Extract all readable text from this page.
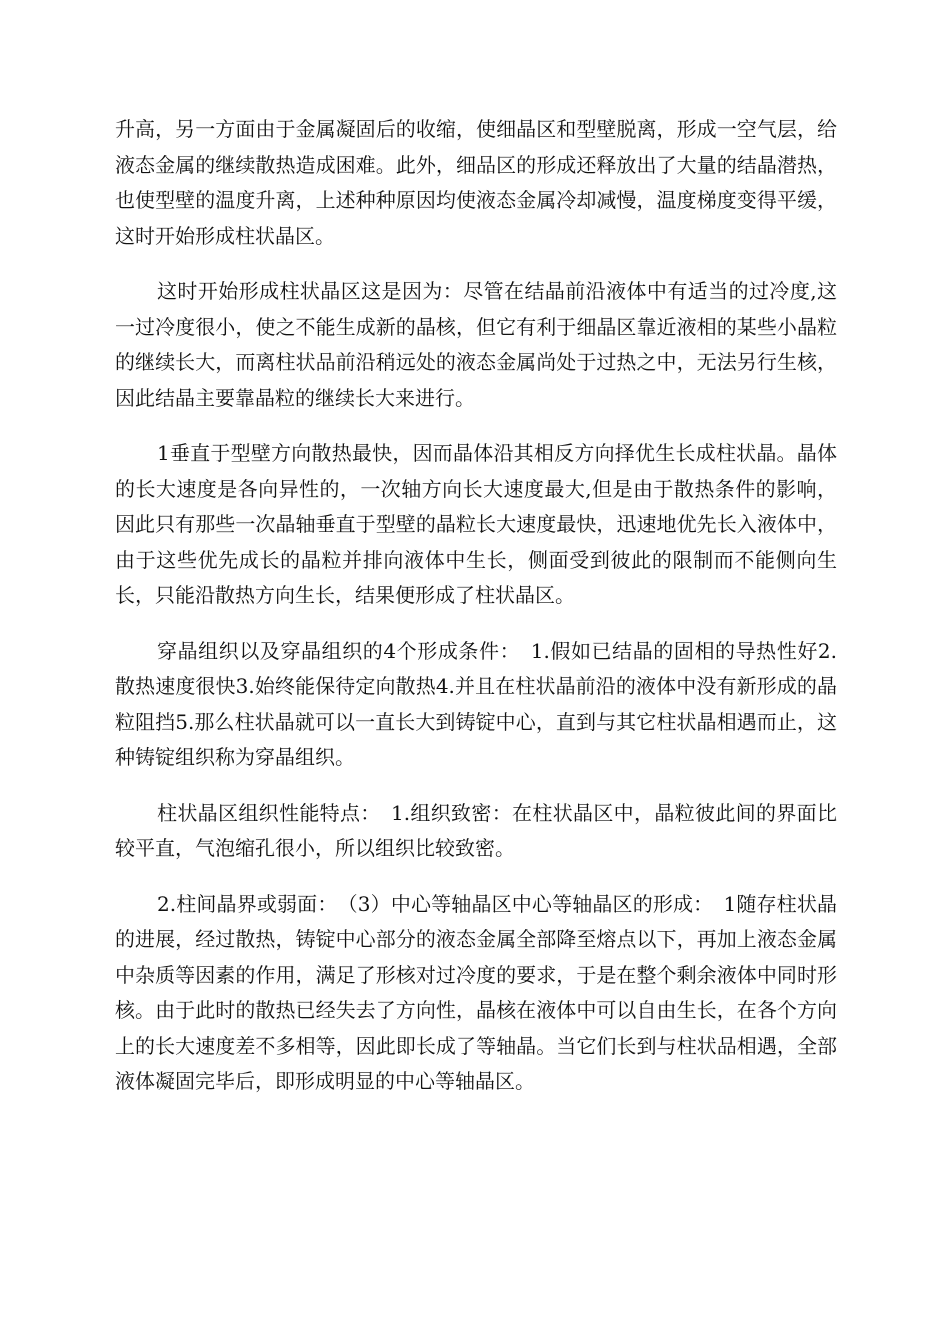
升高，另一方面由于金属凝固后的收缩，使细晶区和型壁脱离，形成一空气层，给液态金属的继续散热造成困难。此外，细品区的形成还释放出了大量的结晶潜热，也使型壁的温度升离，上述种种原因均使液态金属冷却减慢，温度梯度变得平缓，这时开始形成柱状晶区。

这时开始形成柱状晶区这是因为：尽管在结晶前沿液体中有适当的过冷度,这一过冷度很小，使之不能生成新的晶核，但它有利于细晶区靠近液相的某些小晶粒的继续长大，而离柱状品前沿稍远处的液态金属尚处于过热之中，无法另行生核，因此结晶主要靠晶粒的继续长大来进行。

1垂直于型壁方向散热最快，因而晶体沿其相反方向择优生长成柱状晶。晶体的长大速度是各向异性的，一次轴方向长大速度最大,但是由于散热条件的影响，因此只有那些一次晶轴垂直于型壁的晶粒长大速度最快，迅速地优先长入液体中，由于这些优先成长的晶粒并排向液体中生长，侧面受到彼此的限制而不能侧向生长，只能沿散热方向生长，结果便形成了柱状晶区。

穿晶组织以及穿晶组织的4个形成条件：　1.假如已结晶的固相的导热性好2.散热速度很快3.始终能保待定向散热4.并且在柱状晶前沿的液体中没有新形成的晶粒阻挡5.那么柱状晶就可以一直长大到铸锭中心，直到与其它柱状晶相遇而止，这种铸锭组织称为穿晶组织。

柱状晶区组织性能特点：　1.组织致密：在柱状晶区中，晶粒彼此间的界面比较平直，气泡缩孔很小，所以组织比较致密。

2.柱间晶界或弱面：　（3）中心等轴晶区中心等轴晶区的形成：　1随存柱状晶的进展，经过散热，铸锭中心部分的液态金属全部降至熔点以下，再加上液态金属中杂质等因素的作用，满足了形核对过冷度的要求，于是在整个剩余液体中同时形核。由于此时的散热已经失去了方向性，晶核在液体中可以自由生长，在各个方向上的长大速度差不多相等，因此即长成了等轴晶。当它们长到与柱状品相遇，全部液体凝固完毕后，即形成明显的中心等轴晶区。
